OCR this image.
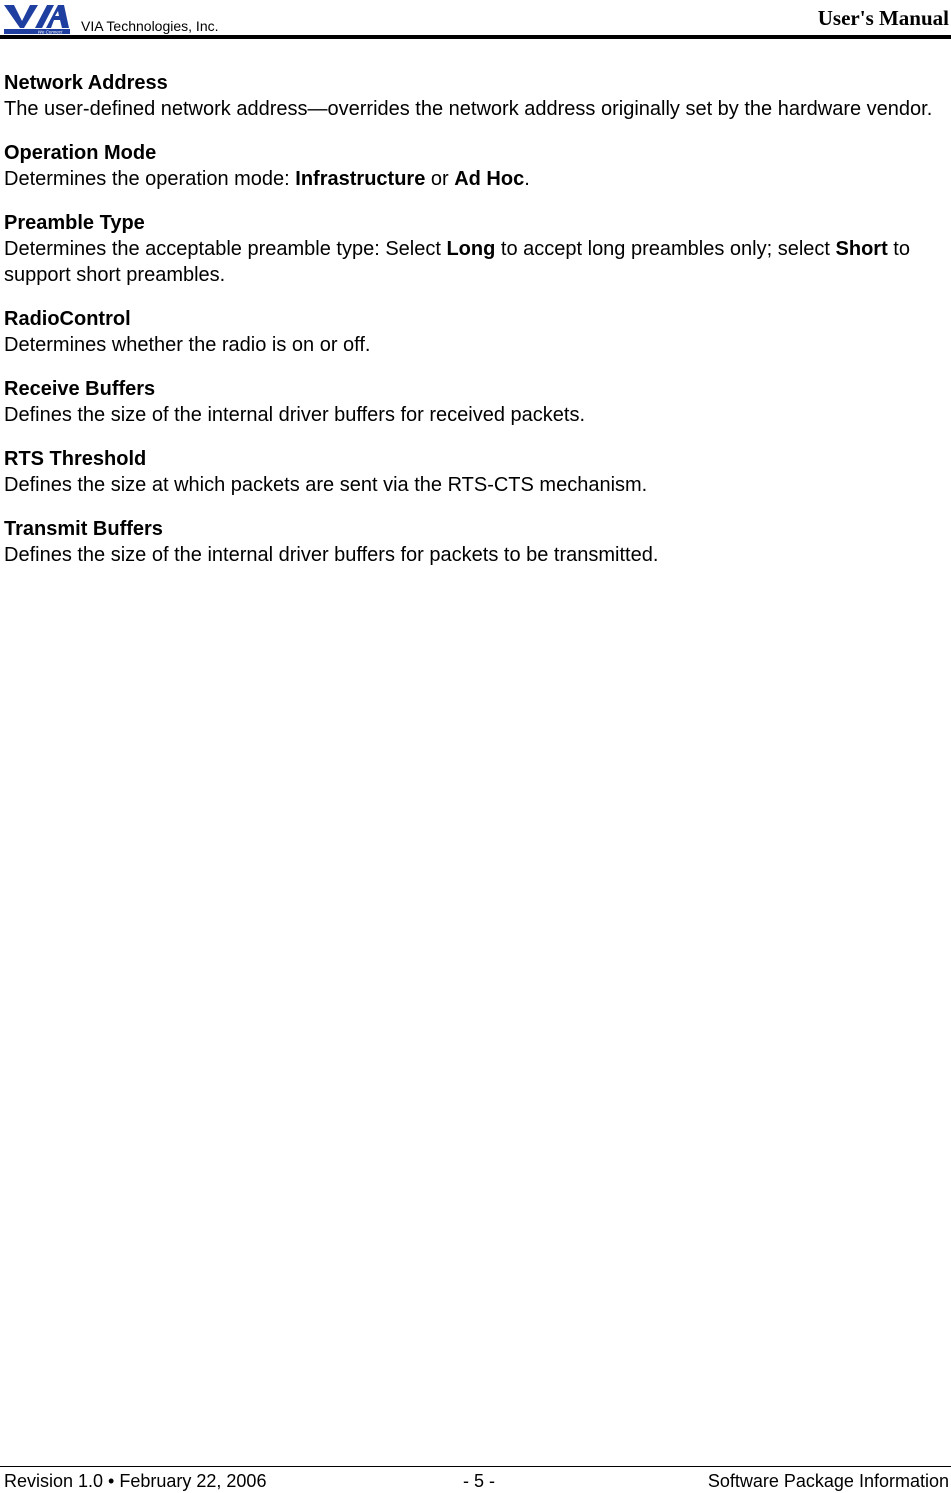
We Connect VIA Technologies, Inc.	User's Manual
Network Address
The user-defined network address—overrides the network address originally set by the hardware vendor.
Operation Mode
Determines the operation mode: Infrastructure or Ad Hoc.
Preamble Type
Determines the acceptable preamble type: Select Long to accept long preambles only; select Short to support short preambles.
RadioControl
Determines whether the radio is on or off.
Receive Buffers
Defines the size of the internal driver buffers for received packets.
RTS Threshold
Defines the size at which packets are sent via the RTS-CTS mechanism.
Transmit Buffers
Defines the size of the internal driver buffers for packets to be transmitted.
Revision 1.0 • February 22, 2006	- 5 -	Software Package Information
